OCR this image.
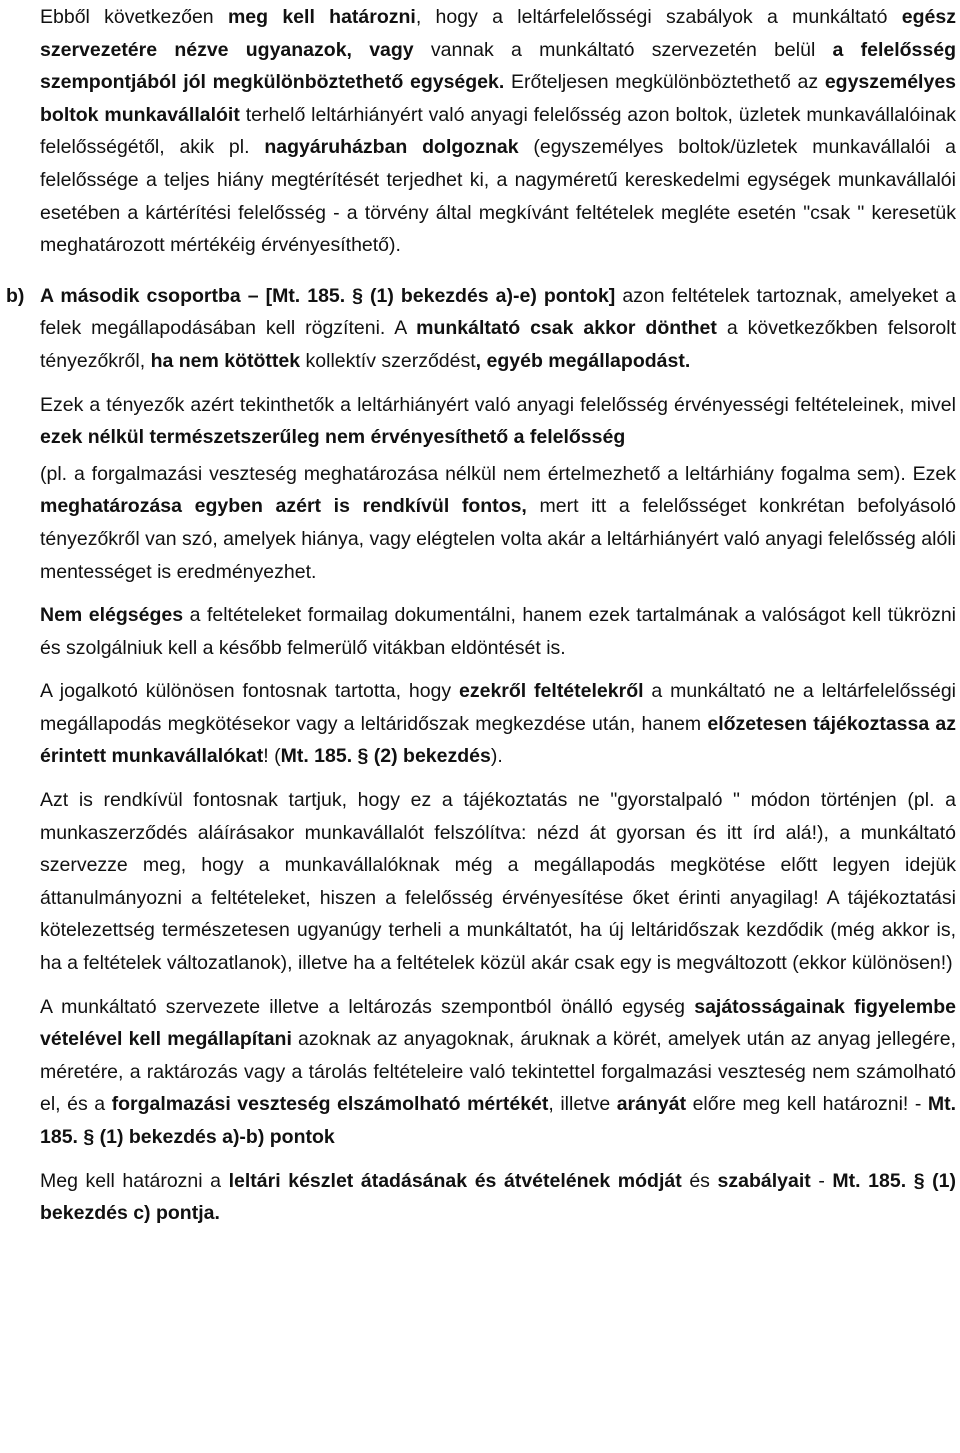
Ebből következően meg kell határozni, hogy a leltárfelelősségi szabályok a munkáltató egész szervezetére nézve ugyanazok, vagy vannak a munkáltató szervezetén belül a felelősség szempontjából jól megkülönböztethető egységek. Erőteljesen megkülönböztethető az egyszemélyes boltok munkavállalóit terhelő leltárhiányért való anyagi felelősség azon boltok, üzletek munkavállalóinak felelősségétől, akik pl. nagyáruházban dolgoznak (egyszemélyes boltok/üzletek munkavállalói a felelőssége a teljes hiány megtérítését terjedhet ki, a nagyméretű kereskedelmi egységek munkavállalói esetében a kártérítési felelősség - a törvény által megkívánt feltételek megléte esetén "csak " keresetük meghatározott mértékéig érvényesíthető).

b) A második csoportba – [Mt. 185. § (1) bekezdés a)-e) pontok] azon feltételek tartoznak, amelyeket a felek megállapodásában kell rögzíteni. A munkáltató csak akkor dönthet a következőkben felsorolt tényezőkről, ha nem kötöttek kollektív szerződést, egyéb megállapodást.

Ezek a tényezők azért tekinthetők a leltárhiányért való anyagi felelősség érvényességi feltételeinek, mivel ezek nélkül természetszerűleg nem érvényesíthető a felelősség

(pl. a forgalmazási veszteség meghatározása nélkül nem értelmezhető a leltárhiány fogalma sem). Ezek meghatározása egyben azért is rendkívül fontos, mert itt a felelősséget konkrétan befolyásoló tényezőkről van szó, amelyek hiánya, vagy elégtelen volta akár a leltárhiányért való anyagi felelősség alóli mentességet is eredményezhet.

Nem elégséges a feltételeket formailag dokumentálni, hanem ezek tartalmának a valóságot kell tükrözni és szolgálniuk kell a később felmerülő vitákban eldöntését is.

A jogalkotó különösen fontosnak tartotta, hogy ezekről feltételekről a munkáltató ne a leltárfelelősségi megállapodás megkötésekor vagy a leltáridőszak megkezdése után, hanem előzetesen tájékoztassa az érintett munkavállalókat! (Mt. 185. § (2) bekezdés).

Azt is rendkívül fontosnak tartjuk, hogy ez a tájékoztatás ne "gyorstalpaló " módon történjen (pl. a munkaszerződés aláírásakor munkavállalót felszólítva: nézd át gyorsan és itt írd alá!), a munkáltató szervezze meg, hogy a munkavállalóknak még a megállapodás megkötése előtt legyen idejük áttanulmányozni a feltételeket, hiszen a felelősség érvényesítése őket érinti anyagilag! A tájékoztatási kötelezettség természetesen ugyanúgy terheli a munkáltatót, ha új leltáridőszak kezdődik (még akkor is, ha a feltételek változatlanok), illetve ha a feltételek közül akár csak egy is megváltozott (ekkor különösen!)

A munkáltató szervezete illetve a leltározás szempontból önálló egység sajátosságainak figyelembe vételével kell megállapítani azoknak az anyagoknak, áruknak a körét, amelyek után az anyag jellegére, méretére, a raktározás vagy a tárolás feltételeire való tekintettel forgalmazási veszteség nem számolható el, és a forgalmazási veszteség elszámolható mértékét, illetve arányát előre meg kell határozni! - Mt. 185. § (1) bekezdés a)-b) pontok

Meg kell határozni a leltári készlet átadásának és átvételének módját és szabályait - Mt. 185. § (1) bekezdés c) pontja.
